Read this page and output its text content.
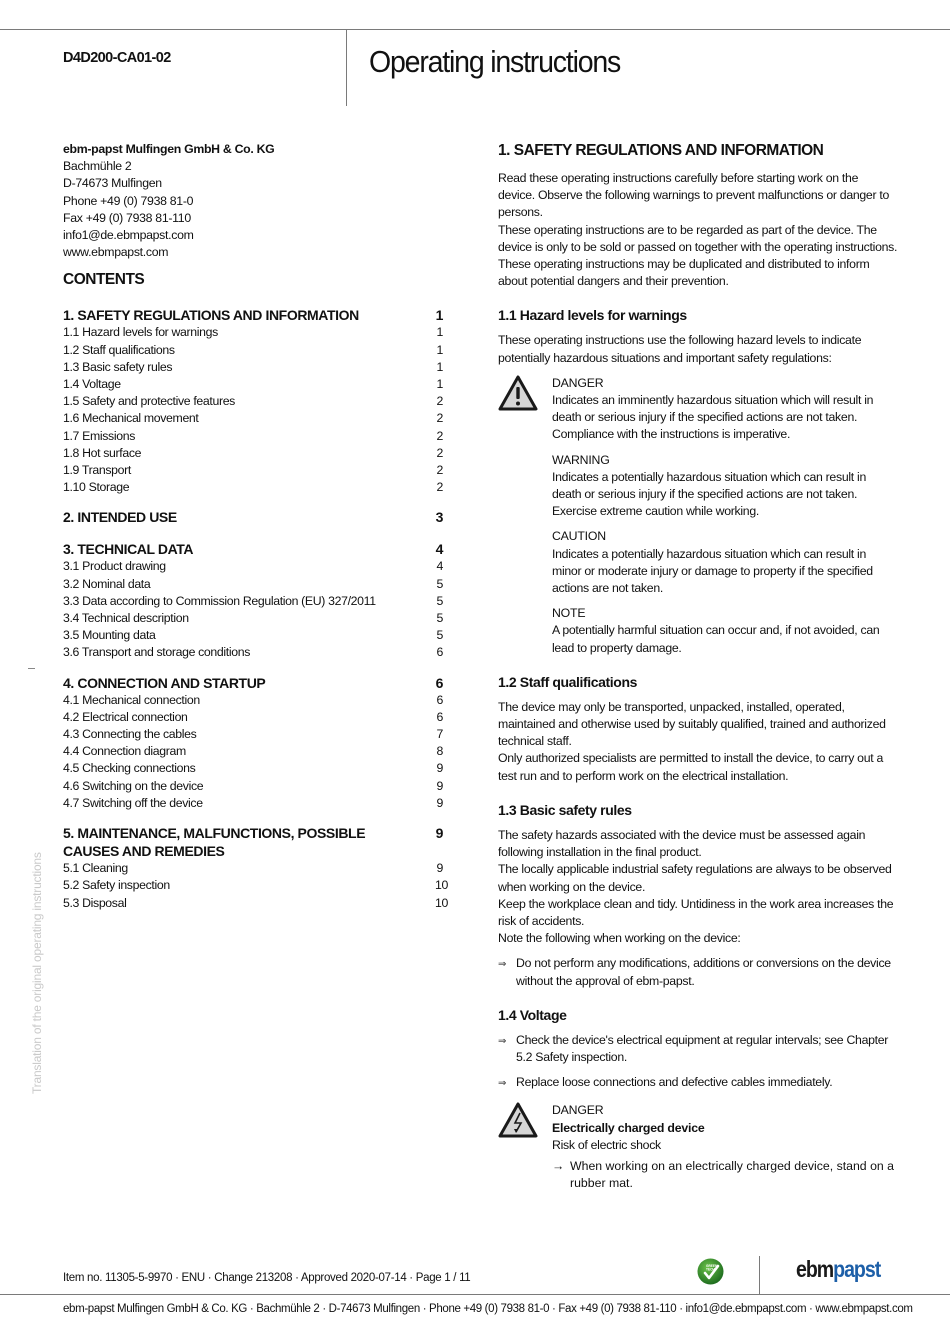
D4D200-CA01-02	Operating instructions
ebm-papst Mulfingen GmbH & Co. KG
Bachmühle 2
D-74673 Mulfingen
Phone +49 (0) 7938 81-0
Fax +49 (0) 7938 81-110
info1@de.ebmpapst.com
www.ebmpapst.com
CONTENTS
1. SAFETY REGULATIONS AND INFORMATION	1
1.1 Hazard levels for warnings	1
1.2 Staff qualifications	1
1.3 Basic safety rules	1
1.4 Voltage	1
1.5 Safety and protective features	2
1.6 Mechanical movement	2
1.7 Emissions	2
1.8 Hot surface	2
1.9 Transport	2
1.10 Storage	2
2. INTENDED USE	3
3. TECHNICAL DATA	4
3.1 Product drawing	4
3.2 Nominal data	5
3.3 Data according to Commission Regulation (EU) 327/2011	5
3.4 Technical description	5
3.5 Mounting data	5
3.6 Transport and storage conditions	6
4. CONNECTION AND STARTUP	6
4.1 Mechanical connection	6
4.2 Electrical connection	6
4.3 Connecting the cables	7
4.4 Connection diagram	8
4.5 Checking connections	9
4.6 Switching on the device	9
4.7 Switching off the device	9
5. MAINTENANCE, MALFUNCTIONS, POSSIBLE CAUSES AND REMEDIES
9
5.1 Cleaning	9
5.2 Safety inspection	10
5.3 Disposal	10
Translation of the original operating instructions
1. SAFETY REGULATIONS AND INFORMATION

Read these operating instructions carefully before starting work on the device. Observe the following warnings to prevent malfunctions or danger to persons.

These operating instructions are to be regarded as part of the device. The device is only to be sold or passed on together with the operating instructions.

These operating instructions may be duplicated and distributed to inform about potential dangers and their prevention.

1.1 Hazard levels for warnings

These operating instructions use the following hazard levels to indicate potentially hazardous situations and important safety regulations:

DANGER

Indicates an imminently hazardous situation which will result in death or serious injury if the specified actions are not taken. Compliance with the instructions is imperative.

WARNING

Indicates a potentially hazardous situation which can result in death or serious injury if the specified actions are not taken. Exercise extreme caution while working.

CAUTION

Indicates a potentially hazardous situation which can result in minor or moderate injury or damage to property if the specified actions are not taken.

NOTE

A potentially harmful situation can occur and, if not avoided, can lead to property damage.

1.2 Staff qualifications

The device may only be transported, unpacked, installed, operated, maintained and otherwise used by suitably qualified, trained and authorized technical staff.

Only authorized specialists are permitted to install the device, to carry out a test run and to perform work on the electrical installation.

1.3 Basic safety rules

The safety hazards associated with the device must be assessed again following installation in the final product.

The locally applicable industrial safety regulations are always to be observed when working on the device.

Keep the workplace clean and tidy. Untidiness in the work area increases the risk of accidents.

Note the following when working on the device:

⇒ Do not perform any modifications, additions or conversions on the device without the approval of ebm-papst.
1.4 Voltage
⇒ Check the device's electrical equipment at regular intervals; see Chapter 5.2 Safety inspection.
⇒ Replace loose connections and defective cables immediately.
DANGER
Electrically charged device

Risk of electric shock

→ When working on an electrically charged device, stand on a rubber mat.
Item no. 11305-5-9970 · ENU · Change 213208 · Approved 2020-07-14 · Page 1 / 11
GREEN
TECH	ebmpapst
ebm-papst Mulfingen GmbH & Co. KG · Bachmühle 2 · D-74673 Mulfingen · Phone +49 (0) 7938 81-0 · Fax +49 (0) 7938 81-110 · info1@de.ebmpapst.com · www.ebmpapst.com
